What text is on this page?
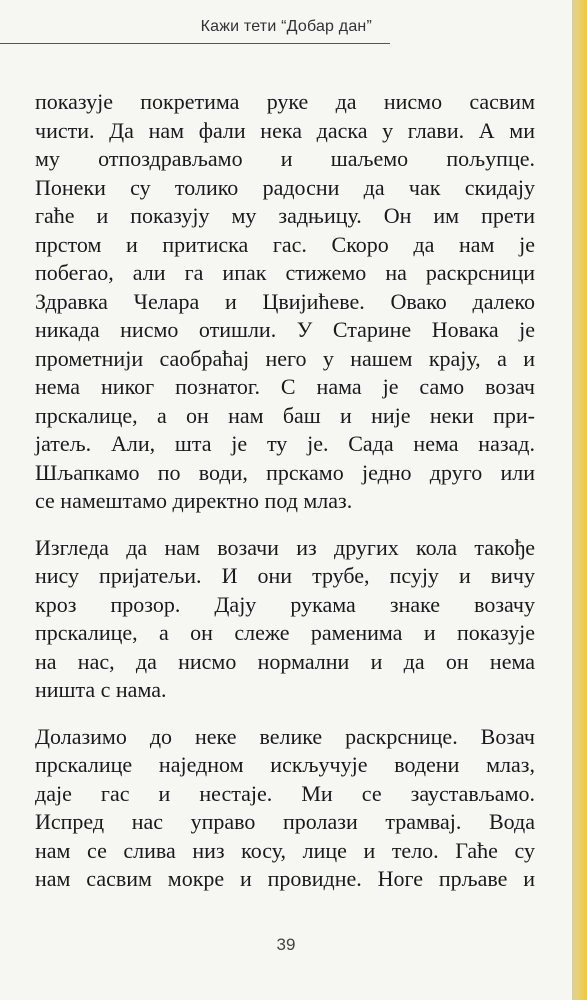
Кажи тети “Добар дан”
показује покретима руке да нисмо сасвим
чисти. Да нам фали нека даска у глави. А ми
му отпоздрављамо и шаљемо пољупце.
Понеки су толико радосни да чак скидају
гаће и показују му задњицу. Он им прети
прстом и притиска гас. Скоро да нам је
побегао, али га ипак стижемо на раскрсници
Здравка Челара и Цвијићеве. Овако далеко
никада нисмо отишли. У Старине Новака је
прометнији саобраћај него у нашем крају, а и
нема никог познатог. С нама је само возач
прскалице, а он нам баш и није неки при-
јатељ. Али, шта је ту је. Сада нема назад.
Шљапкамо по води, прскамо једно друго или
се намештамо директно под млаз.
Изгледа да нам возачи из других кола такође
нису пријатељи. И они трубе, псују и вичу
кроз прозор. Дају рукама знаке возачу
прскалице, а он слеже раменима и показује
на нас, да нисмо нормални и да он нема
ништа с нама.
Долазимо до неке велике раскрснице. Возач
прскалице наједном искључује водени млаз,
даје гас и нестаје. Ми се заустављамо.
Испред нас управо пролази трамвај. Вода
нам се слива низ косу, лице и тело. Гаће су
нам сасвим мокре и провидне. Ноге прљаве и
39
